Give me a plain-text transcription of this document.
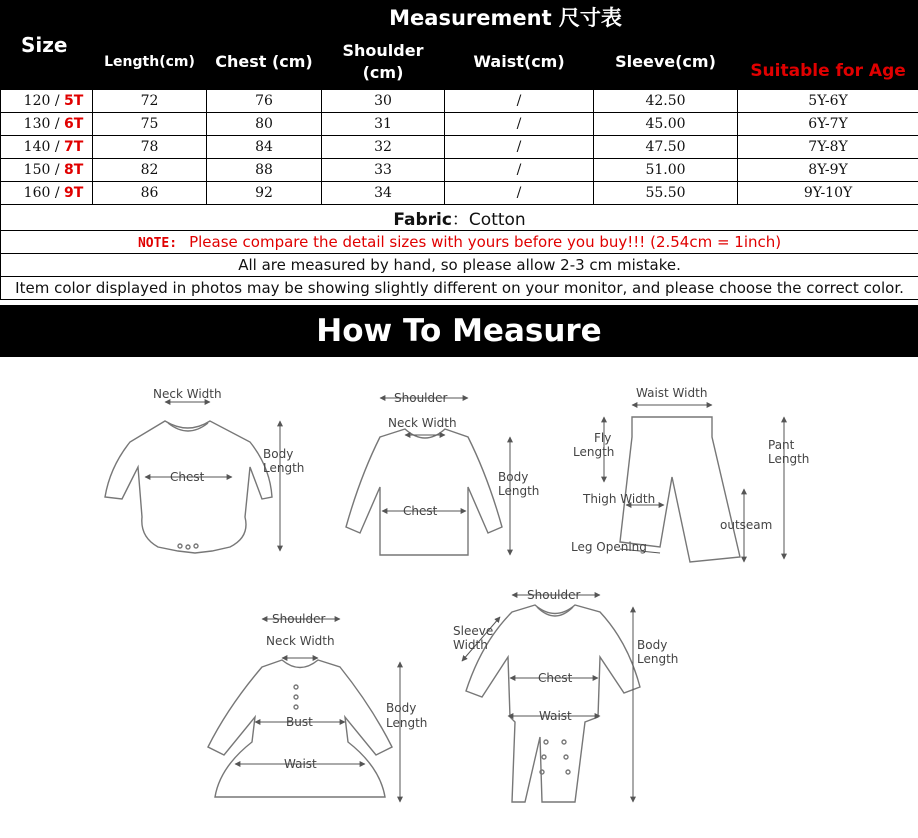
Size	Measurement 尺寸表					
	Length(cm)	Chest (cm)	Shoulder
(cm)	Waist(cm)	Sleeve(cm)	Suitable for Age
120 / 5T	72	76	30	/	42.50	5Y-6Y
130 / 6T	75	80	31	/	45.00	6Y-7Y
140 / 7T	78	84	32	/	47.50	7Y-8Y
150 / 8T	82	88	33	/	51.00	8Y-9Y
160 / 9T	86	92	34	/	55.50	9Y-10Y
Fabric：Cotton						
NOTE: Please compare the detail sizes with yours before you buy!!! (2.54cm = 1inch)						
All are measured by hand, so please allow 2-3 cm mistake.						
Item color displayed in photos may be showing slightly different on your monitor, and please choose the correct color.						
How To Measure
Neck Width
Body
Length
Chest
Shoulder
Neck Width
Body
Length
Chest
Waist Width
Fly
Length	Pant
Length
Thigh Width
outseam
Leg Opening
Shoulder
Neck Width
Body
Length
Bust
Waist
Shoulder
Sleeve
Width	Body
Length
Chest
Waist
